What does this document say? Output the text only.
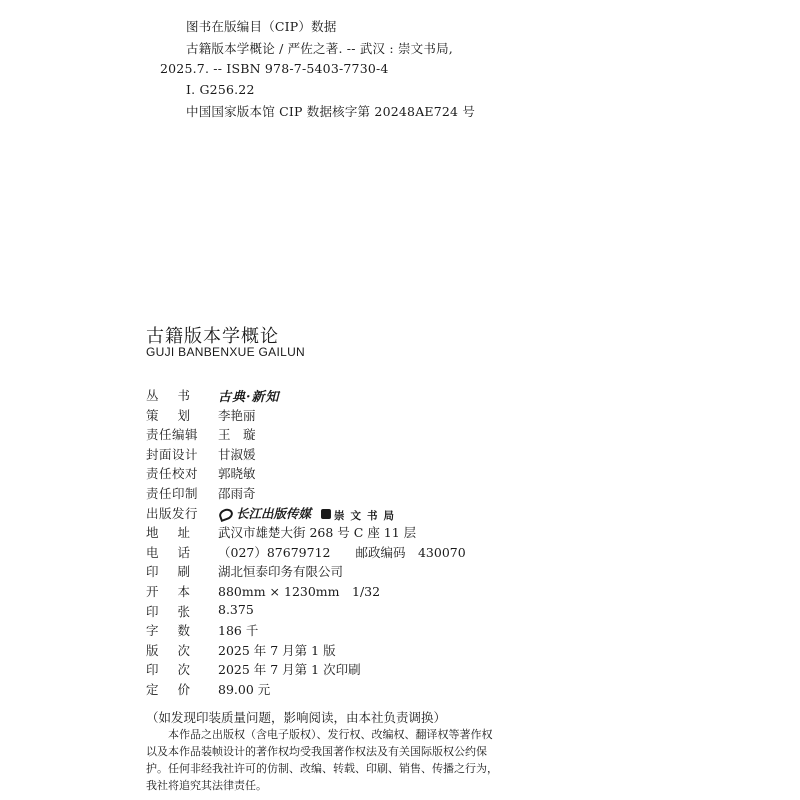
图书在版编目（CIP）数据
古籍版本学概论 / 严佐之著. -- 武汉 : 崇文书局,
2025.7. -- ISBN 978-7-5403-7730-4
Ⅰ. G256.22
中国国家版本馆 CIP 数据核字第 20248AE724 号
古籍版本学概论
GUJI BANBENXUE GAILUN
丛 书 古典·新知
策 划 李艳丽
责任编辑	王　璇
封面设计	甘淑媛
责任校对	郭晓敏
责任印制	邵雨奇
出版发行	长江出版传媒 崇文书局
地 址 武汉市雄楚大街 268 号 C 座 11 层
电 话 （027）87679712　　邮政编码　430070
印 刷 湖北恒泰印务有限公司
开 本 880mm × 1230mm　1/32
印 张 8.375
字 数 186 千
版 次 2025 年 7 月第 1 版
印 次 2025 年 7 月第 1 次印刷
定 价 89.00 元
（如发现印装质量问题，影响阅读，由本社负责调换）
本作品之出版权（含电子版权）、发行权、改编权、翻译权等著作权
以及本作品装帧设计的著作权均受我国著作权法及有关国际版权公约保
护。任何非经我社许可的仿制、改编、转载、印刷、销售、传播之行为，
我社将追究其法律责任。
